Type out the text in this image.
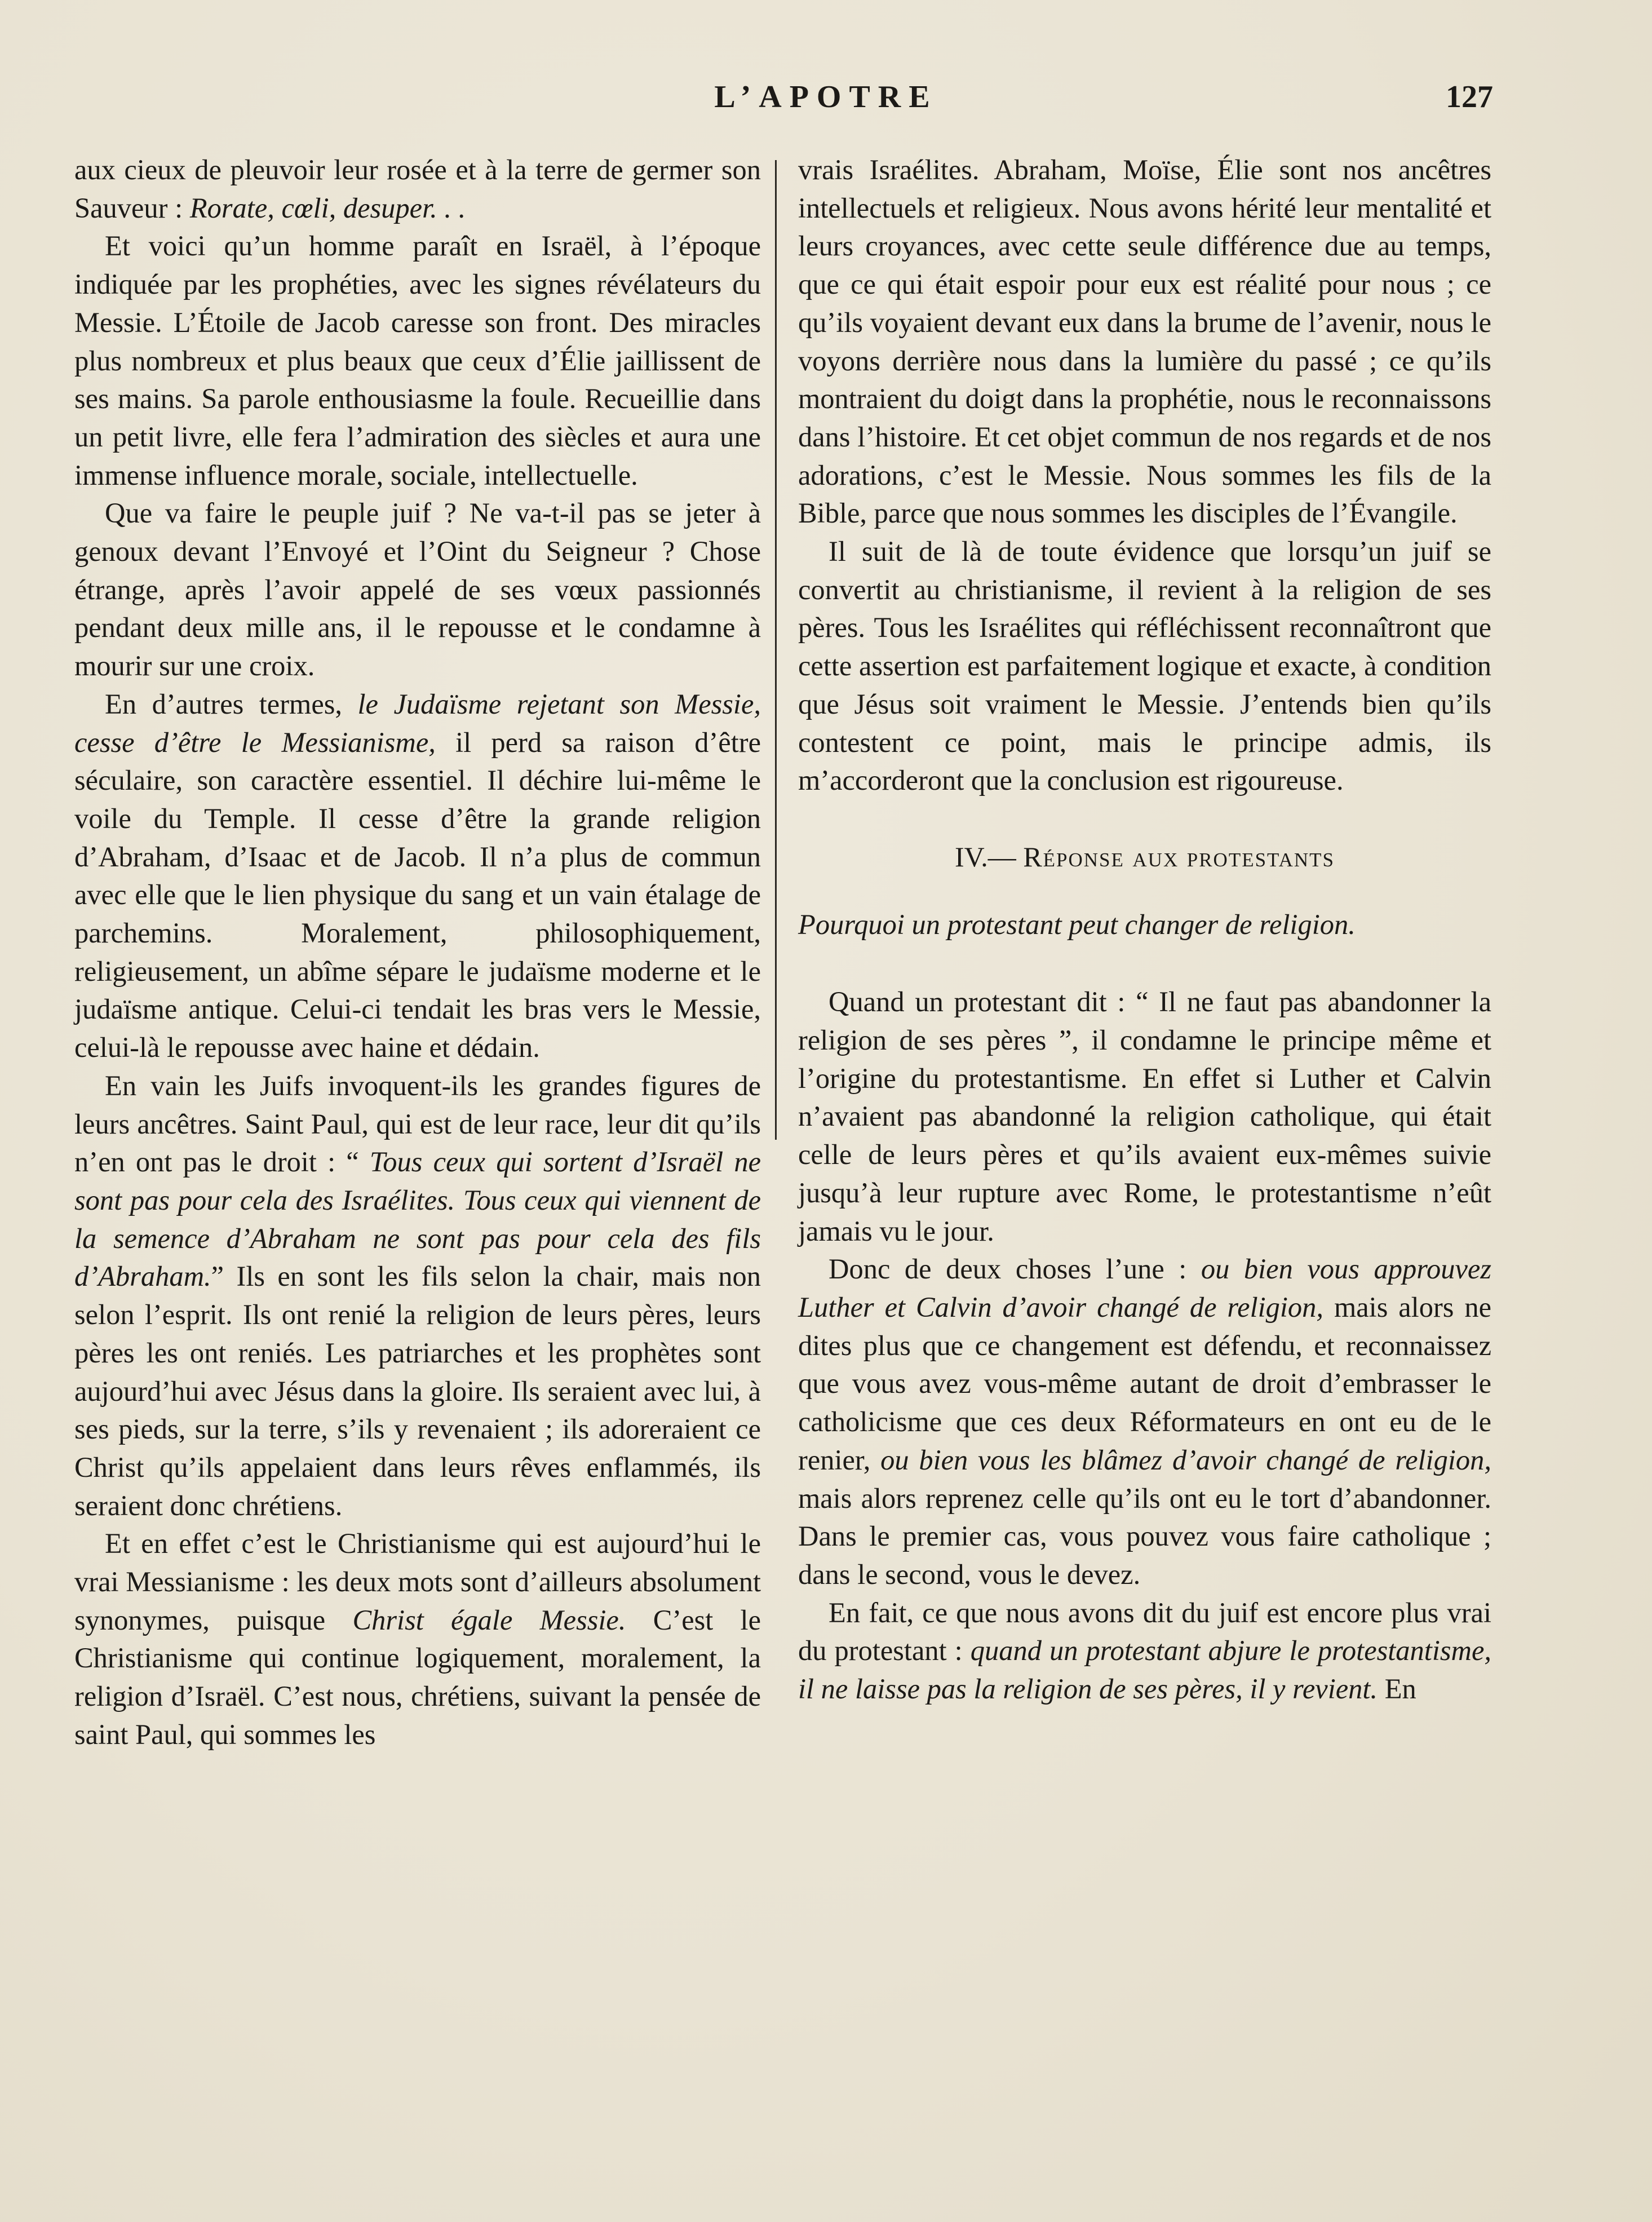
L’APOTRE	127

aux cieux de pleuvoir leur rosée et à la terre de germer son Sauveur : Rorate, cœli, desuper. . .

Et voici qu’un homme paraît en Israël, à l’époque indiquée par les prophéties, avec les signes révélateurs du Messie. L’Étoile de Jacob caresse son front. Des miracles plus nombreux et plus beaux que ceux d’Élie jaillissent de ses mains. Sa parole enthousiasme la foule. Recueillie dans un petit livre, elle fera l’admiration des siècles et aura une immense influence morale, sociale, intellectuelle.

Que va faire le peuple juif ? Ne va-t-il pas se jeter à genoux devant l’Envoyé et l’Oint du Seigneur ? Chose étrange, après l’avoir appelé de ses vœux passionnés pendant deux mille ans, il le repousse et le condamne à mourir sur une croix.

En d’autres termes, le Judaïsme rejetant son Messie, cesse d’être le Messianisme, il perd sa raison d’être séculaire, son caractère essentiel. Il déchire lui-même le voile du Temple. Il cesse d’être la grande religion d’Abraham, d’Isaac et de Jacob. Il n’a plus de commun avec elle que le lien physique du sang et un vain étalage de parchemins. Moralement, philosophiquement, religieusement, un abîme sépare le judaïsme moderne et le judaïsme antique. Celui-ci tendait les bras vers le Messie, celui-là le repousse avec haine et dédain.

En vain les Juifs invoquent-ils les grandes figures de leurs ancêtres. Saint Paul, qui est de leur race, leur dit qu’ils n’en ont pas le droit : “ Tous ceux qui sortent d’Israël ne sont pas pour cela des Israélites. Tous ceux qui viennent de la semence d’Abraham ne sont pas pour cela des fils d’Abraham.” Ils en sont les fils selon la chair, mais non selon l’esprit. Ils ont renié la religion de leurs pères, leurs pères les ont reniés. Les patriarches et les prophètes sont aujourd’hui avec Jésus dans la gloire. Ils seraient avec lui, à ses pieds, sur la terre, s’ils y revenaient ; ils adoreraient ce Christ qu’ils appelaient dans leurs rêves enflammés, ils seraient donc chrétiens.

Et en effet c’est le Christianisme qui est aujourd’hui le vrai Messianisme : les deux mots sont d’ailleurs absolument synonymes, puisque Christ égale Messie. C’est le Christianisme qui continue logiquement, moralement, la religion d’Israël. C’est nous, chrétiens, suivant la pensée de saint Paul, qui sommes les

vrais Israélites. Abraham, Moïse, Élie sont nos ancêtres intellectuels et religieux. Nous avons hérité leur mentalité et leurs croyances, avec cette seule différence due au temps, que ce qui était espoir pour eux est réalité pour nous ; ce qu’ils voyaient devant eux dans la brume de l’avenir, nous le voyons derrière nous dans la lumière du passé ; ce qu’ils montraient du doigt dans la prophétie, nous le reconnaissons dans l’histoire. Et cet objet commun de nos regards et de nos adorations, c’est le Messie. Nous sommes les fils de la Bible, parce que nous sommes les disciples de l’Évangile.

Il suit de là de toute évidence que lorsqu’un juif se convertit au christianisme, il revient à la religion de ses pères. Tous les Israélites qui réfléchissent reconnaîtront que cette assertion est parfaitement logique et exacte, à condition que Jésus soit vraiment le Messie. J’entends bien qu’ils contestent ce point, mais le principe admis, ils m’accorderont que la conclusion est rigoureuse.

IV.— Réponse aux protestants

Pourquoi un protestant peut changer de religion.

Quand un protestant dit : “ Il ne faut pas abandonner la religion de ses pères ”, il condamne le principe même et l’origine du protestantisme. En effet si Luther et Calvin n’avaient pas abandonné la religion catholique, qui était celle de leurs pères et qu’ils avaient eux-mêmes suivie jusqu’à leur rupture avec Rome, le protestantisme n’eût jamais vu le jour.

Donc de deux choses l’une : ou bien vous approuvez Luther et Calvin d’avoir changé de religion, mais alors ne dites plus que ce changement est défendu, et reconnaissez que vous avez vous-même autant de droit d’embrasser le catholicisme que ces deux Réformateurs en ont eu de le renier, ou bien vous les blâmez d’avoir changé de religion, mais alors reprenez celle qu’ils ont eu le tort d’abandonner. Dans le premier cas, vous pouvez vous faire catholique ; dans le second, vous le devez.

En fait, ce que nous avons dit du juif est encore plus vrai du protestant : quand un protestant abjure le protestantisme, il ne laisse pas la religion de ses pères, il y revient. En
